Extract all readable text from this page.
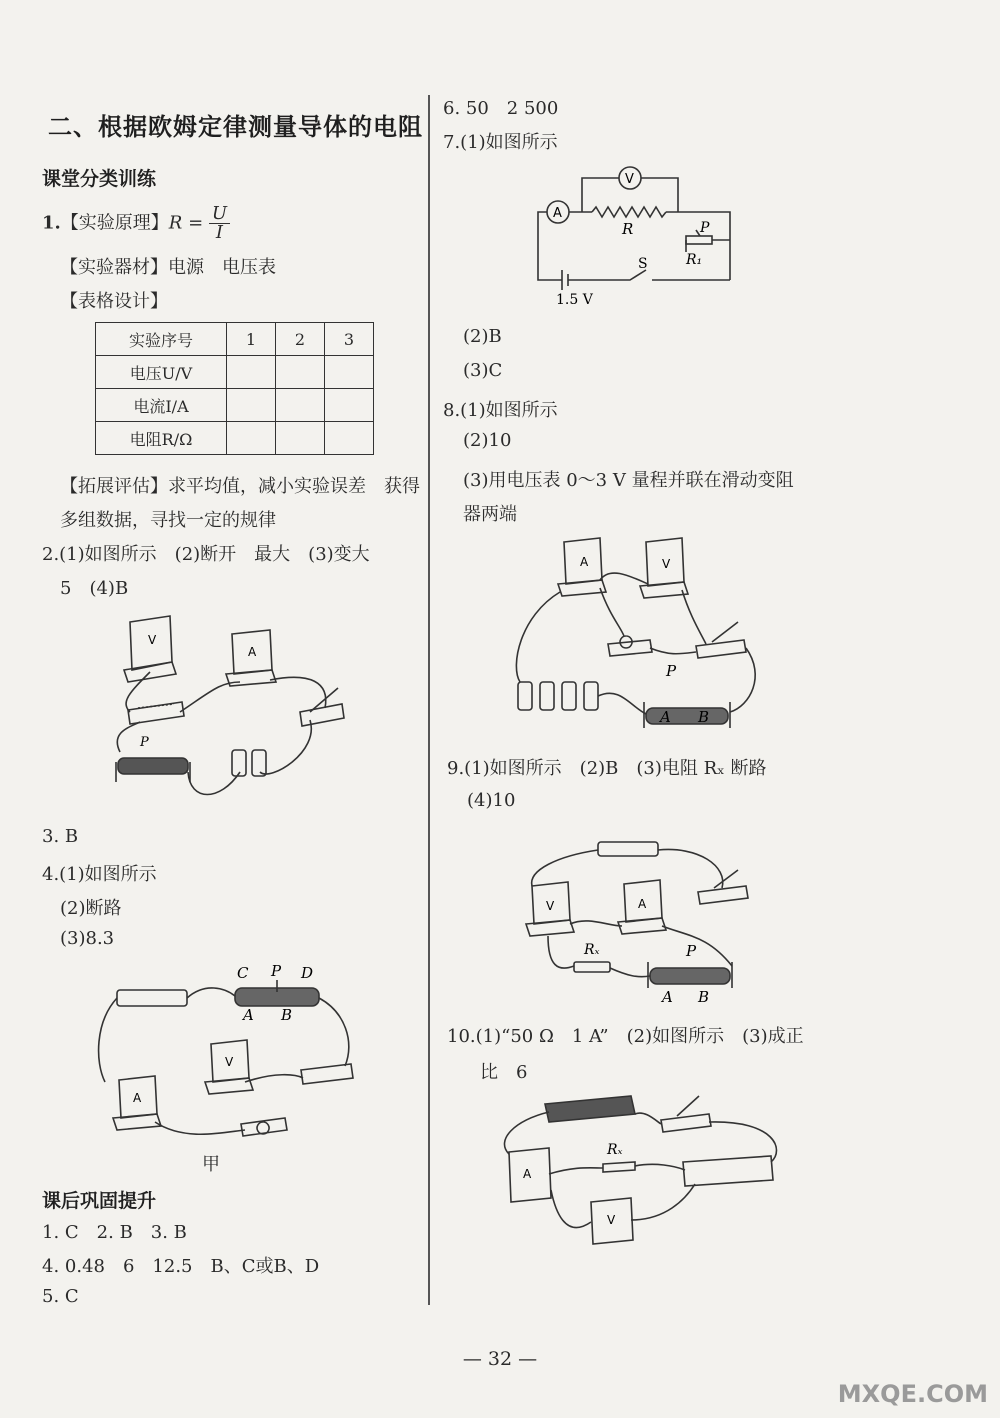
二、根据欧姆定律测量导体的电阻
课堂分类训练
1.【实验原理】$R = \frac{U}{I}$
【实验器材】电源　电压表
【表格设计】
实验序号	1	2	3
电压U/V			
电流I/A			
电阻R/Ω			
【拓展评估】求平均值，减小实验误差　获得
多组数据，寻找一定的规律
2.(1)如图所示　(2)断开　最大　(3)变大
5　(4)B
V
A
P
3. B
4.(1)如图所示
(2)断路
(3)8.3
C P D
A B
V
A
甲
课后巩固提升
1. C　2. B　3. B
4. 0.48　6　12.5　B、C或B、D
5. C
6. 50　2 500
7.(1)如图所示
V
A
R	P
R₁
S
1.5 V
(2)B
(3)C
8.(1)如图所示
(2)10
(3)用电压表 0～3 V 量程并联在滑动变阻
器两端
A	V
P
A B
9.(1)如图所示　(2)B　(3)电阻 Rₓ 断路
(4)10
V	A
Rₓ	P
A B
10.(1)“50 Ω　1 A”　(2)如图所示　(3)成正
比　6
A
V
Rₓ
— 32 —
MXQE.COM
